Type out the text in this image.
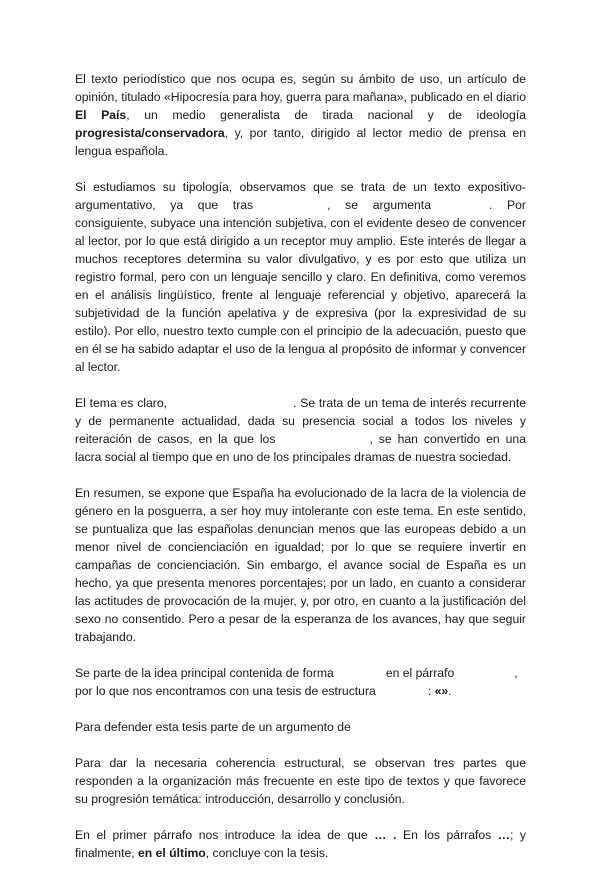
El texto periodístico que nos ocupa es, según su ámbito de uso, un artículo de opinión, titulado «Hipocresía para hoy, guerra para mañana», publicado en el diario El País, un medio generalista de tirada nacional y de ideología progresista/conservadora, y, por tanto, dirigido al lector medio de prensa en lengua española.

Si estudiamos su tipología, observamos que se trata de un texto expositivo-argumentativo, ya que tras	, se argumenta	. Por consiguiente, subyace una intención subjetiva, con el evidente deseo de convencer al lector, por lo que está dirigido a un receptor muy amplio. Este interés de llegar a muchos receptores determina su valor divulgativo, y es por esto que utiliza un registro formal, pero con un lenguaje sencillo y claro. En definitiva, como veremos en el análisis lingüístico, frente al lenguaje referencial y objetivo, aparecerá la subjetividad de la función apelativa y de expresiva (por la expresividad de su estilo). Por ello, nuestro texto cumple con el principio de la adecuación, puesto que en él se ha sabido adaptar el uso de la lengua al propósito de informar y convencer al lector.

El tema es claro,	. Se trata de un tema de interés recurrente y de permanente actualidad, dada su presencia social a todos los niveles y reiteración de casos, en la que los	, se han convertido en una lacra social al tiempo que en uno de los principales dramas de nuestra sociedad.

En resumen, se expone que España ha evolucionado de la lacra de la violencia de género en la posguerra, a ser hoy muy intolerante con este tema. En este sentido, se puntualiza que las españolas denuncian menos que las europeas debido a un menor nivel de concienciación en igualdad; por lo que se requiere invertir en campañas de concienciación. Sin embargo, el avance social de España es un hecho, ya que presenta menores porcentajes; por un lado, en cuanto a considerar las actitudes de provocación de la mujer, y, por otro, en cuanto a la justificación del sexo no consentido. Pero a pesar de la esperanza de los avances, hay que seguir trabajando.

Se parte de la idea principal contenida de forma	en el párrafo	,
por lo que nos encontramos con una tesis de estructura	: «».

Para defender esta tesis parte de un argumento de

Para dar la necesaria coherencia estructural, se observan tres partes que responden a la organización más frecuente en este tipo de textos y que favorece su progresión temática: introducción, desarrollo y conclusión.

En el primer párrafo nos introduce la idea de que … . En los párrafos …; y finalmente, en el último, concluye con la tesis.
